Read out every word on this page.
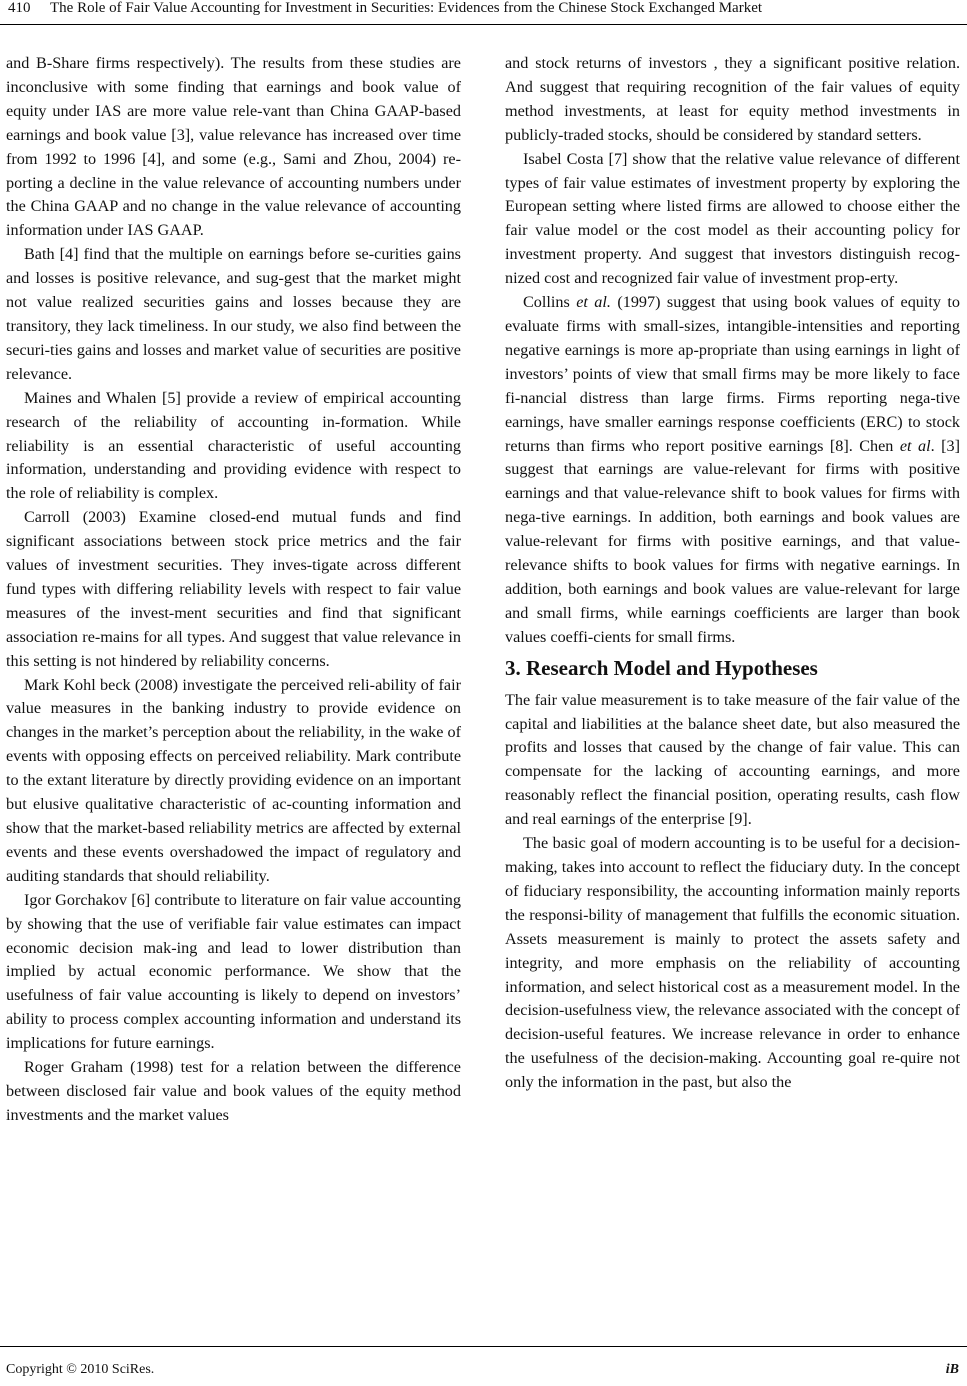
410 The Role of Fair Value Accounting for Investment in Securities: Evidences from the Chinese Stock Exchanged Market

and B-Share firms respectively). The results from these studies are inconclusive with some finding that earnings and book value of equity under IAS are more value rele-vant than China GAAP-based earnings and book value [3], value relevance has increased over time from 1992 to 1996 [4], and some (e.g., Sami and Zhou, 2004) re-porting a decline in the value relevance of accounting numbers under the China GAAP and no change in the value relevance of accounting information under IAS GAAP.

Bath [4] find that the multiple on earnings before se-curities gains and losses is positive relevance, and sug-gest that the market might not value realized securities gains and losses because they are transitory, they lack timeliness. In our study, we also find between the securi-ties gains and losses and market value of securities are positive relevance.

Maines and Whalen [5] provide a review of empirical accounting research of the reliability of accounting in-formation. While reliability is an essential characteristic of useful accounting information, understanding and providing evidence with respect to the role of reliability is complex.

Carroll (2003) Examine closed-end mutual funds and find significant associations between stock price metrics and the fair values of investment securities. They inves-tigate across different fund types with differing reliability levels with respect to fair value measures of the invest-ment securities and find that significant association re-mains for all types. And suggest that value relevance in this setting is not hindered by reliability concerns.

Mark Kohl beck (2008) investigate the perceived reli-ability of fair value measures in the banking industry to provide evidence on changes in the market’s perception about the reliability, in the wake of events with opposing effects on perceived reliability. Mark contribute to the extant literature by directly providing evidence on an important but elusive qualitative characteristic of ac-counting information and show that the market-based reliability metrics are affected by external events and these events overshadowed the impact of regulatory and auditing standards that should reliability.

Igor Gorchakov [6] contribute to literature on fair value accounting by showing that the use of verifiable fair value estimates can impact economic decision mak-ing and lead to lower distribution than implied by actual economic performance. We show that the usefulness of fair value accounting is likely to depend on investors’ ability to process complex accounting information and understand its implications for future earnings.

Roger Graham (1998) test for a relation between the difference between disclosed fair value and book values of the equity method investments and the market values

and stock returns of investors , they a significant positive relation. And suggest that requiring recognition of the fair values of equity method investments, at least for equity method investments in publicly-traded stocks, should be considered by standard setters.

Isabel Costa [7] show that the relative value relevance of different types of fair value estimates of investment property by exploring the European setting where listed firms are allowed to choose either the fair value model or the cost model as their accounting policy for investment property. And suggest that investors distinguish recog-nized cost and recognized fair value of investment prop-erty.

Collins et al. (1997) suggest that using book values of equity to evaluate firms with small-sizes, intangible-intensities and reporting negative earnings is more ap-propriate than using earnings in light of investors’ points of view that small firms may be more likely to face fi-nancial distress than large firms. Firms reporting nega-tive earnings, have smaller earnings response coefficients (ERC) to stock returns than firms who report positive earnings [8]. Chen et al. [3] suggest that earnings are value-relevant for firms with positive earnings and that value-relevance shift to book values for firms with nega-tive earnings. In addition, both earnings and book values are value-relevant for firms with positive earnings, and that value-relevance shifts to book values for firms with negative earnings. In addition, both earnings and book values are value-relevant for large and small firms, while earnings coefficients are larger than book values coeffi-cients for small firms.

3. Research Model and Hypotheses

The fair value measurement is to take measure of the fair value of the capital and liabilities at the balance sheet date, but also measured the profits and losses that caused by the change of fair value. This can compensate for the lacking of accounting earnings, and more reasonably reflect the financial position, operating results, cash flow and real earnings of the enterprise [9].

The basic goal of modern accounting is to be useful for a decision-making, takes into account to reflect the fiduciary duty. In the concept of fiduciary responsibility, the accounting information mainly reports the responsi-bility of management that fulfills the economic situation. Assets measurement is mainly to protect the assets safety and integrity, and more emphasis on the reliability of accounting information, and select historical cost as a measurement model. In the decision-usefulness view, the relevance associated with the concept of decision-useful features. We increase relevance in order to enhance the usefulness of the decision-making. Accounting goal re-quire not only the information in the past, but also the

Copyright © 2010 SciRes.	iB
